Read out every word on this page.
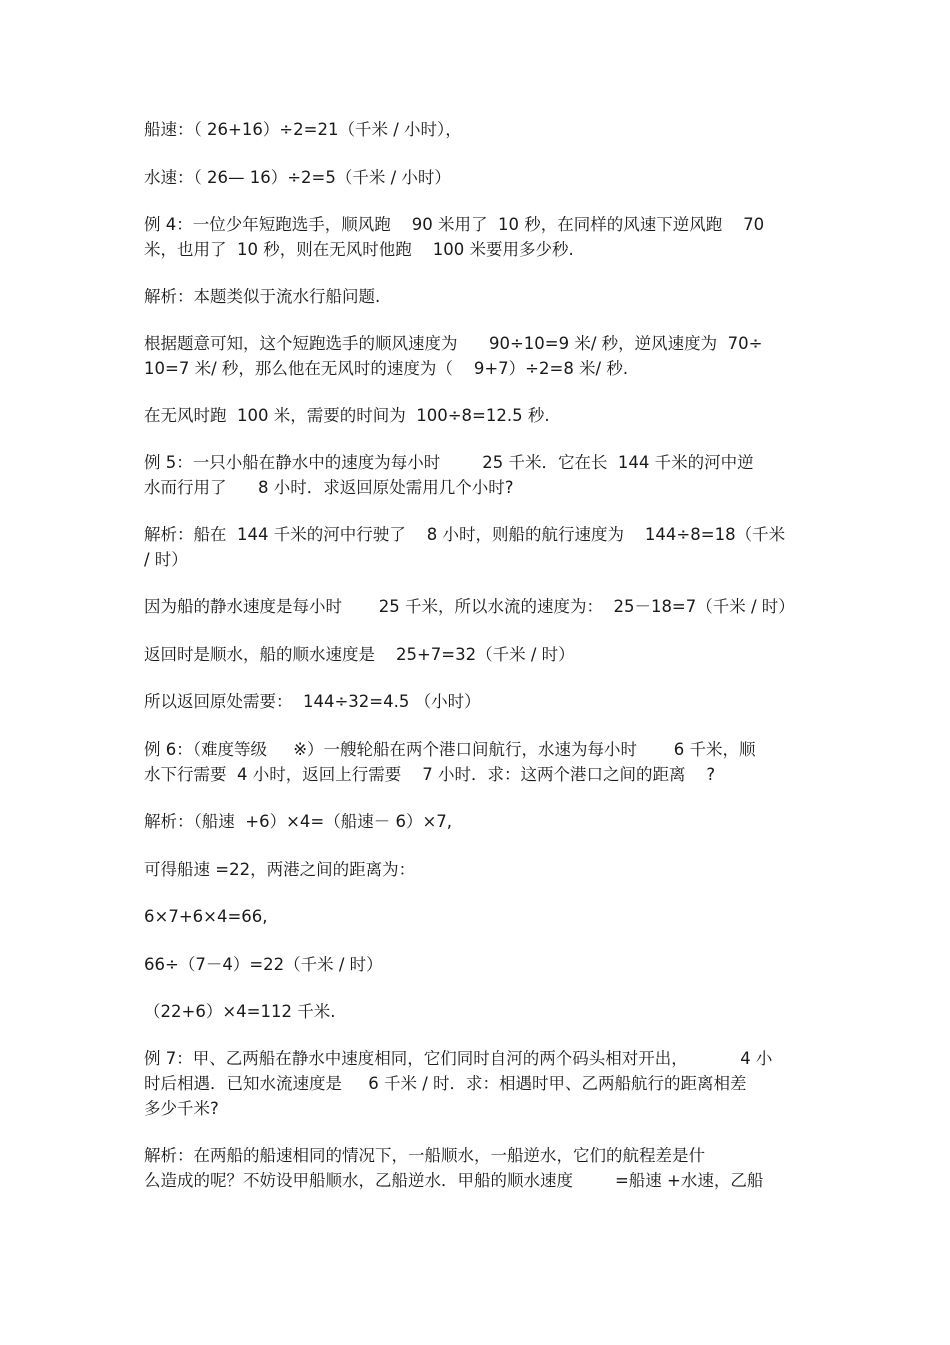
船速：（ 26+16）÷2=21（千米 / 小时），
水速：（ 26— 16）÷2=5（千米 / 小时）
例 4：一位少年短跑选手，顺风跑    90 米用了  10 秒，在同样的风速下逆风跑    70
米，也用了  10 秒，则在无风时他跑    100 米要用多少秒.
解析：本题类似于流水行船问题.
根据题意可知，这个短跑选手的顺风速度为      90÷10=9 米/ 秒，逆风速度为  70÷
10=7 米/ 秒，那么他在无风时的速度为（    9+7）÷2=8 米/ 秒.
在无风时跑  100 米，需要的时间为  100÷8=12.5 秒.
例 5：一只小船在静水中的速度为每小时        25 千米．它在长  144 千米的河中逆
水而行用了      8 小时．求返回原处需用几个小时?
解析：船在  144 千米的河中行驶了    8 小时，则船的航行速度为    144÷8=18（千米
/ 时）
因为船的静水速度是每小时       25 千米，所以水流的速度为：  25－18=7（千米 / 时）
返回时是顺水，船的顺水速度是    25+7=32（千米 / 时）
所以返回原处需要：  144÷32=4.5 （小时）
例 6：（难度等级     ※）一艘轮船在两个港口间航行，水速为每小时       6 千米，顺
水下行需要  4 小时，返回上行需要    7 小时．求：这两个港口之间的距离    ?
解析：（船速  +6）×4=（船速－ 6）×7,
可得船速 =22，两港之间的距离为：
6×7+6×4=66,
66÷（7－4）=22（千米 / 时）
（22+6）×4=112 千米.
例 7：甲、乙两船在静水中速度相同，它们同时自河的两个码头相对开出，          4 小
时后相遇．已知水流速度是     6 千米 / 时．求：相遇时甲、乙两船航行的距离相差
多少千米?
解析：在两船的船速相同的情况下，一船顺水，一船逆水，它们的航程差是什
么造成的呢？不妨设甲船顺水，乙船逆水．甲船的顺水速度        =船速 +水速，乙船
